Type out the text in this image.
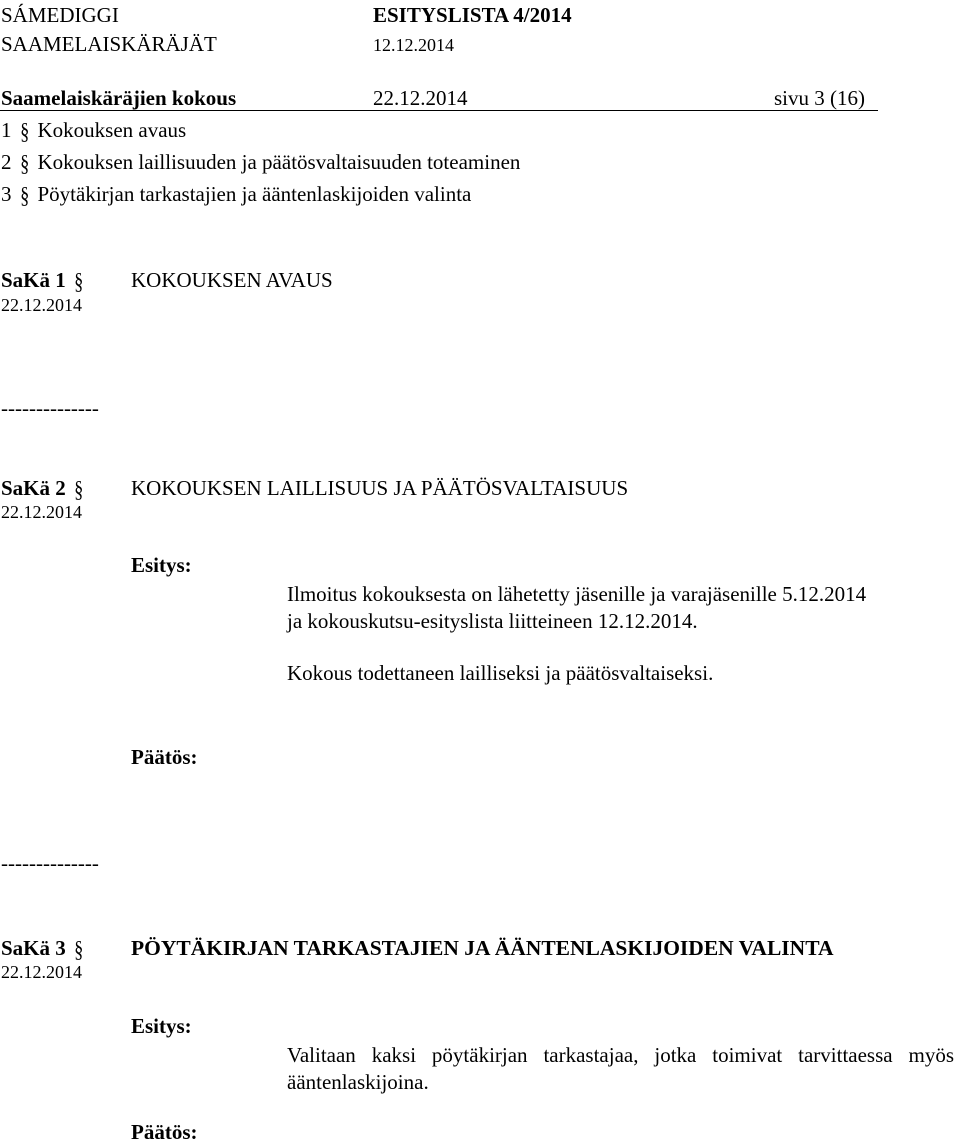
SÁMEDIGGI
SAAMELAISKÄRÄJÄT
ESITYSLISTA 4/2014
12.12.2014
Saamelaiskäräjien kokous	22.12.2014	sivu 3 (16)
1 § Kokouksen avaus
2 § Kokouksen laillisuuden ja päätösvaltaisuuden toteaminen
3 § Pöytäkirjan tarkastajien ja ääntenlaskijoiden valinta
SaKä 1 §
22.12.2014
KOKOUKSEN AVAUS
--------------
SaKä 2 §
22.12.2014
KOKOUKSEN LAILLISUUS JA PÄÄTÖSVALTAISUUS
Esitys:
Ilmoitus kokouksesta on lähetetty jäsenille ja varajäsenille 5.12.2014
ja kokouskutsu-esityslista liitteineen 12.12.2014.
Kokous todettaneen lailliseksi ja päätösvaltaiseksi.
Päätös:
--------------
SaKä 3 §
22.12.2014
PÖYTÄKIRJAN TARKASTAJIEN JA ÄÄNTENLASKIJOIDEN VALINTA
Esitys:
Valitaan kaksi pöytäkirjan tarkastajaa, jotka toimivat tarvittaessa myös ääntenlaskijoina.
Päätös:
